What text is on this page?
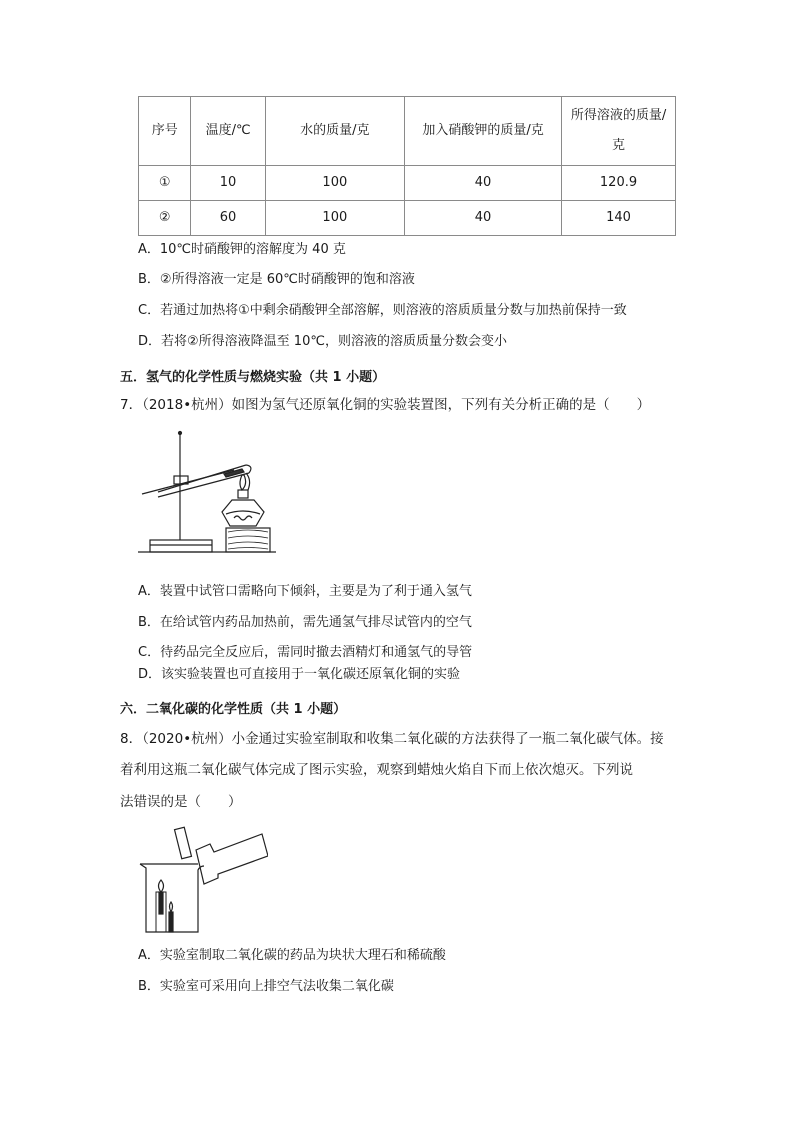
序号	温度/℃	水的质量/克	加入硝酸钾的质量/克	所得溶液的质量/
克

①	10	100	40	120.9
②	60	100	40	140
A．10℃时硝酸钾的溶解度为 40 克
B．②所得溶液一定是 60℃时硝酸钾的饱和溶液
C．若通过加热将①中剩余硝酸钾全部溶解，则溶液的溶质质量分数与加热前保持一致
D．若将②所得溶液降温至 10℃，则溶液的溶质质量分数会变小
五．氢气的化学性质与燃烧实验（共 1 小题）
7．（2018•杭州）如图为氢气还原氧化铜的实验装置图，下列有关分析正确的是（　　）
A．装置中试管口需略向下倾斜，主要是为了利于通入氢气
B．在给试管内药品加热前，需先通氢气排尽试管内的空气
C．待药品完全反应后，需同时撤去酒精灯和通氢气的导管
D．该实验装置也可直接用于一氧化碳还原氧化铜的实验
六．二氧化碳的化学性质（共 1 小题）
8．（2020•杭州）小金通过实验室制取和收集二氧化碳的方法获得了一瓶二氧化碳气体。接
着利用这瓶二氧化碳气体完成了图示实验，观察到蜡烛火焰自下而上依次熄灭。下列说
法错误的是（　　）
A．实验室制取二氧化碳的药品为块状大理石和稀硫酸
B．实验室可采用向上排空气法收集二氧化碳
